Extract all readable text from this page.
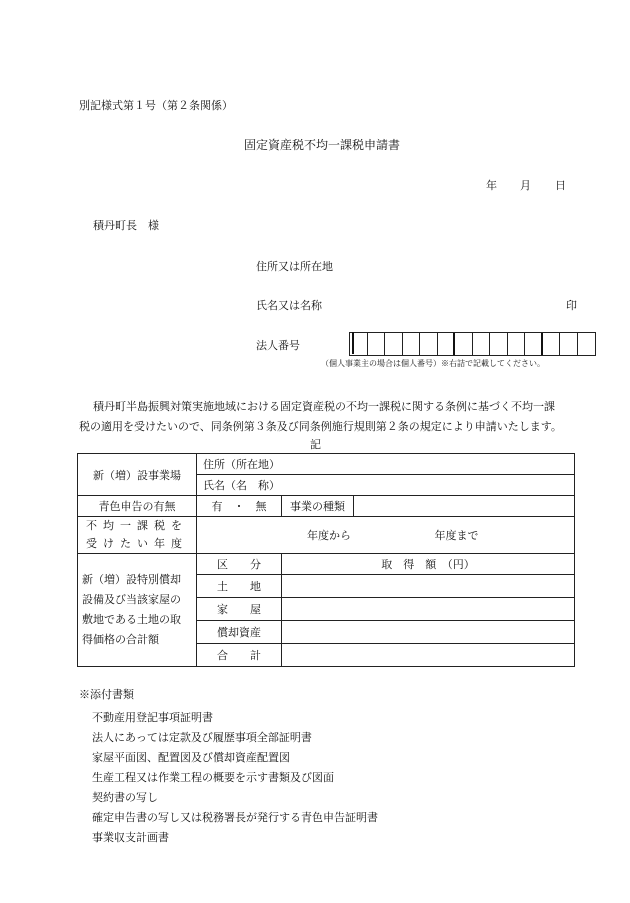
別記様式第１号（第２条関係）
固定資産税不均一課税申請書
年 月 日
積丹町長　様
住所又は所在地
氏名又は名称	印
法人番号
（個人事業主の場合は個人番号）※右詰で記載してください。
積丹町半島振興対策実施地域における固定資産税の不均一課税に関する条例に基づく不均一課
税の適用を受けたいので、同条例第３条及び同条例施行規則第２条の規定により申請いたします。
記
新（増）設事業場	住所（所在地）		
	氏名（名　称）		
青色申告の有無	有　・　無	事業の種類	
不均一課税を
受けたい年度	年度から 年度まで		
新（増）設特別償却
設備及び当該家屋の
敷地である土地の取
得価格の合計額	区　　分	取　得　額　（円）	
	土　　地		
	家　　屋		
	償却資産		
	合　　計		
※添付書類
不動産用登記事項証明書
法人にあっては定款及び履歴事項全部証明書
家屋平面図、配置図及び償却資産配置図
生産工程又は作業工程の概要を示す書類及び図面
契約書の写し
確定申告書の写し又は税務署長が発行する青色申告証明書
事業収支計画書
